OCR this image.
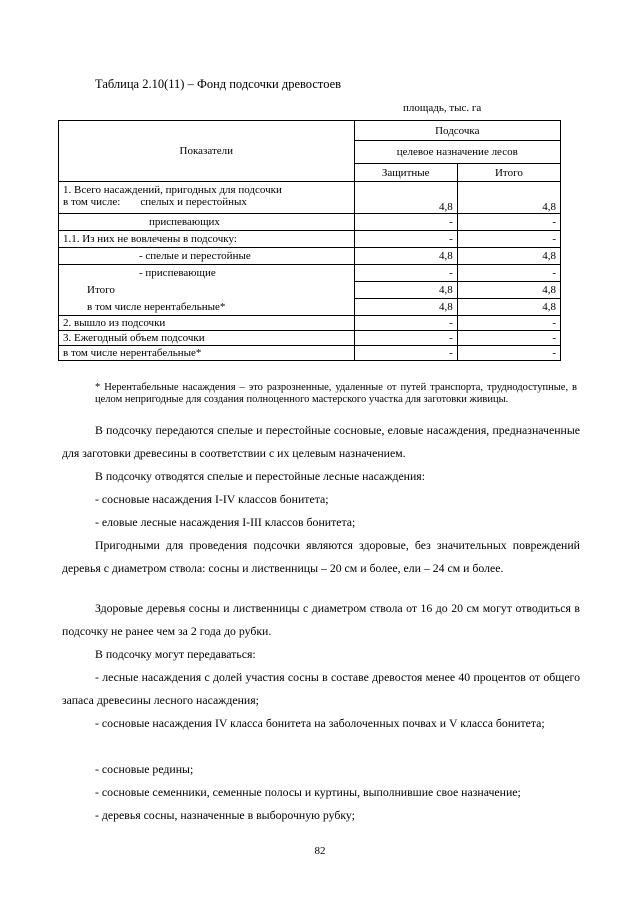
Таблица 2.10(11) – Фонд подсочки древостоев
площадь, тыс. га
Показатели	Подсочка	
	целевое назначение лесов	
	Защитные	Итого

1. Всего насаждений, пригодных для подсочки
в том числе: спелых и перестойных	4,8	4,8
приспевающих	-	-
1.1. Из них не вовлечены в подсочку:	-	-
- спелые и перестойные	4,8	4,8
- приспевающие	-	-
Итого	4,8	4,8
в том числе нерентабельные*	4,8	4,8
2. вышло из подсочки	-	-
3. Ежегодный объем подсочки	-	-
в том числе нерентабельные*	-	-
* Нерентабельные насаждения – это разрозненные, удаленные от путей транспорта, труднодоступные, в целом непригодные для создания полноценного мастерского участка для заготовки живицы.
В подсочку передаются спелые и перестойные сосновые, еловые насаждения, предназначенные для заготовки древесины в соответствии с их целевым назначением.
В подсочку отводятся спелые и перестойные лесные насаждения:
- сосновые насаждения I-IV классов бонитета;
- еловые лесные насаждения I-III классов бонитета;
Пригодными для проведения подсочки являются здоровые, без значительных повреждений деревья с диаметром ствола: сосны и лиственницы – 20 см и более, ели – 24 см и более.
Здоровые деревья сосны и лиственницы с диаметром ствола от 16 до 20 см могут отводиться в подсочку не ранее чем за 2 года до рубки.
В подсочку могут передаваться:
- лесные насаждения с долей участия сосны в составе древостоя менее 40 процентов от общего запаса древесины лесного насаждения;
- сосновые насаждения IV класса бонитета на заболоченных почвах и V класса бонитета;
- сосновые редины;
- сосновые семенники, семенные полосы и куртины, выполнившие свое назначение;
- деревья сосны, назначенные в выборочную рубку;
82
